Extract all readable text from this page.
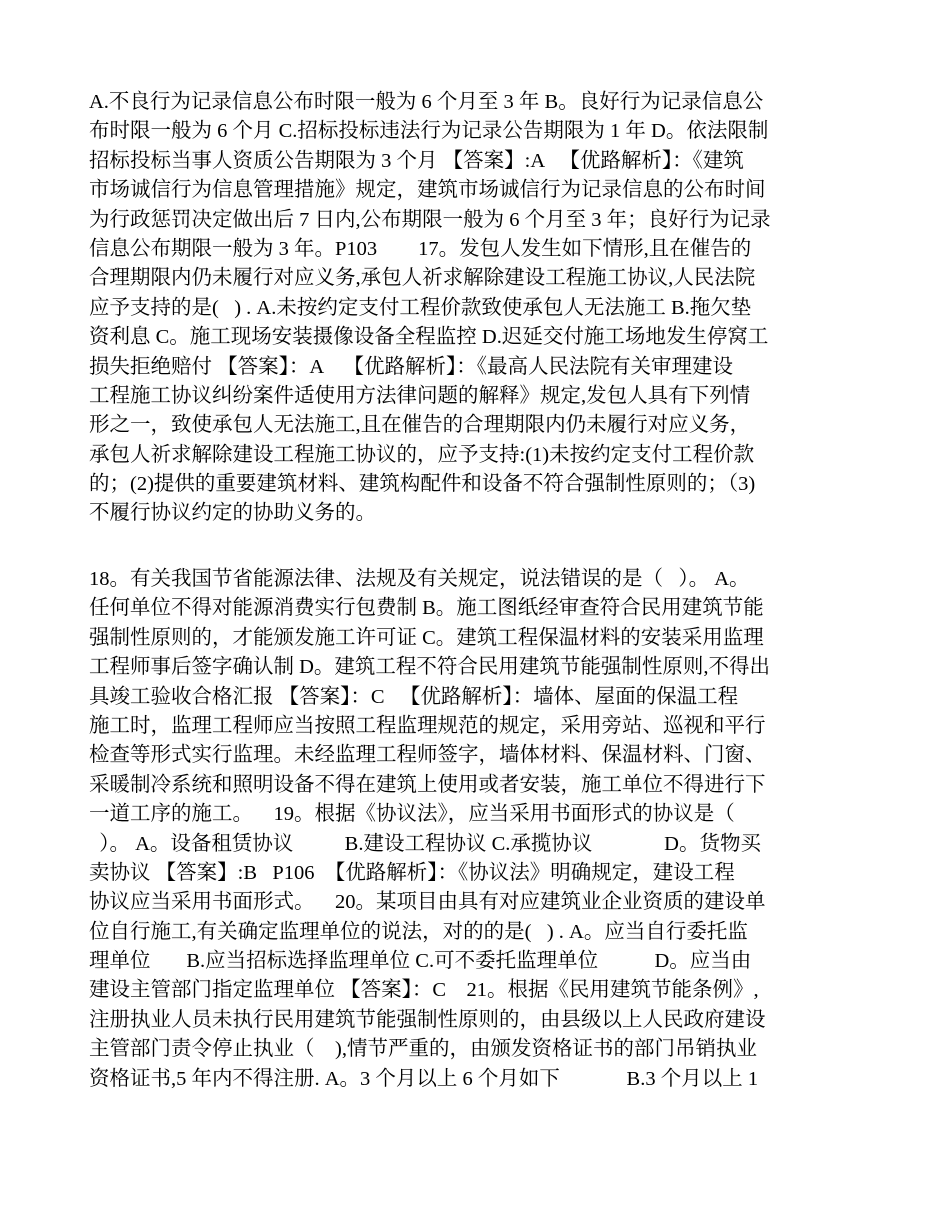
A.不良行为记录信息公布时限一般为 6 个月至 3 年 B。良好行为记录信息公
布时限一般为 6 个月 C.招标投标违法行为记录公告期限为 1 年 D。依法限制
招标投标当事人资质公告期限为 3 个月 【答案】:A   【优路解析】：《建筑
市场诚信行为信息管理措施》规定，建筑市场诚信行为记录信息的公布时间
为行政惩罚决定做出后 7 日内,公布期限一般为 6 个月至 3 年；良好行为记录
信息公布期限一般为 3 年。P103        17。发包人发生如下情形,且在催告的
合理期限内仍未履行对应义务,承包人祈求解除建设工程施工协议,人民法院
应予支持的是(   ) . A.未按约定支付工程价款致使承包人无法施工 B.拖欠垫
资利息 C。施工现场安装摄像设备全程监控 D.迟延交付施工场地发生停窝工
损失拒绝赔付 【答案】：A    【优路解析】：《最高人民法院有关审理建设
工程施工协议纠纷案件适使用方法律问题的解释》规定,发包人具有下列情
形之一，致使承包人无法施工,且在催告的合理期限内仍未履行对应义务，
承包人祈求解除建设工程施工协议的，应予支持:(1)未按约定支付工程价款
的；(2)提供的重要建筑材料、建筑构配件和设备不符合强制性原则的；（3)
不履行协议约定的协助义务的。
18。有关我国节省能源法律、法规及有关规定，说法错误的是（   ）。 A。
任何单位不得对能源消费实行包费制 B。施工图纸经审查符合民用建筑节能
强制性原则的，才能颁发施工许可证 C。建筑工程保温材料的安装采用监理
工程师事后签字确认制 D。建筑工程不符合民用建筑节能强制性原则,不得出
具竣工验收合格汇报 【答案】：C   【优路解析】：墙体、屋面的保温工程
施工时，监理工程师应当按照工程监理规范的规定，采用旁站、巡视和平行
检查等形式实行监理。未经监理工程师签字，墙体材料、保温材料、门窗、
采暖制冷系统和照明设备不得在建筑上使用或者安装，施工单位不得进行下
一道工序的施工。    19。根据《协议法》，应当采用书面形式的协议是（
）。 A。设备租赁协议          B.建设工程协议 C.承揽协议              D。货物买
卖协议 【答案】:B   P106  【优路解析】：《协议法》明确规定，建设工程
协议应当采用书面形式。    20。某项目由具有对应建筑业企业资质的建设单
位自行施工,有关确定监理单位的说法，对的的是(   ) . A。应当自行委托监
理单位       B.应当招标选择监理单位 C.可不委托监理单位           D。应当由
建设主管部门指定监理单位 【答案】：C    21。根据《民用建筑节能条例》,
注册执业人员未执行民用建筑节能强制性原则的，由县级以上人民政府建设
主管部门责令停止执业（    ),情节严重的，由颁发资格证书的部门吊销执业
资格证书,5 年内不得注册. A。3 个月以上 6 个月如下             B.3 个月以上 1
